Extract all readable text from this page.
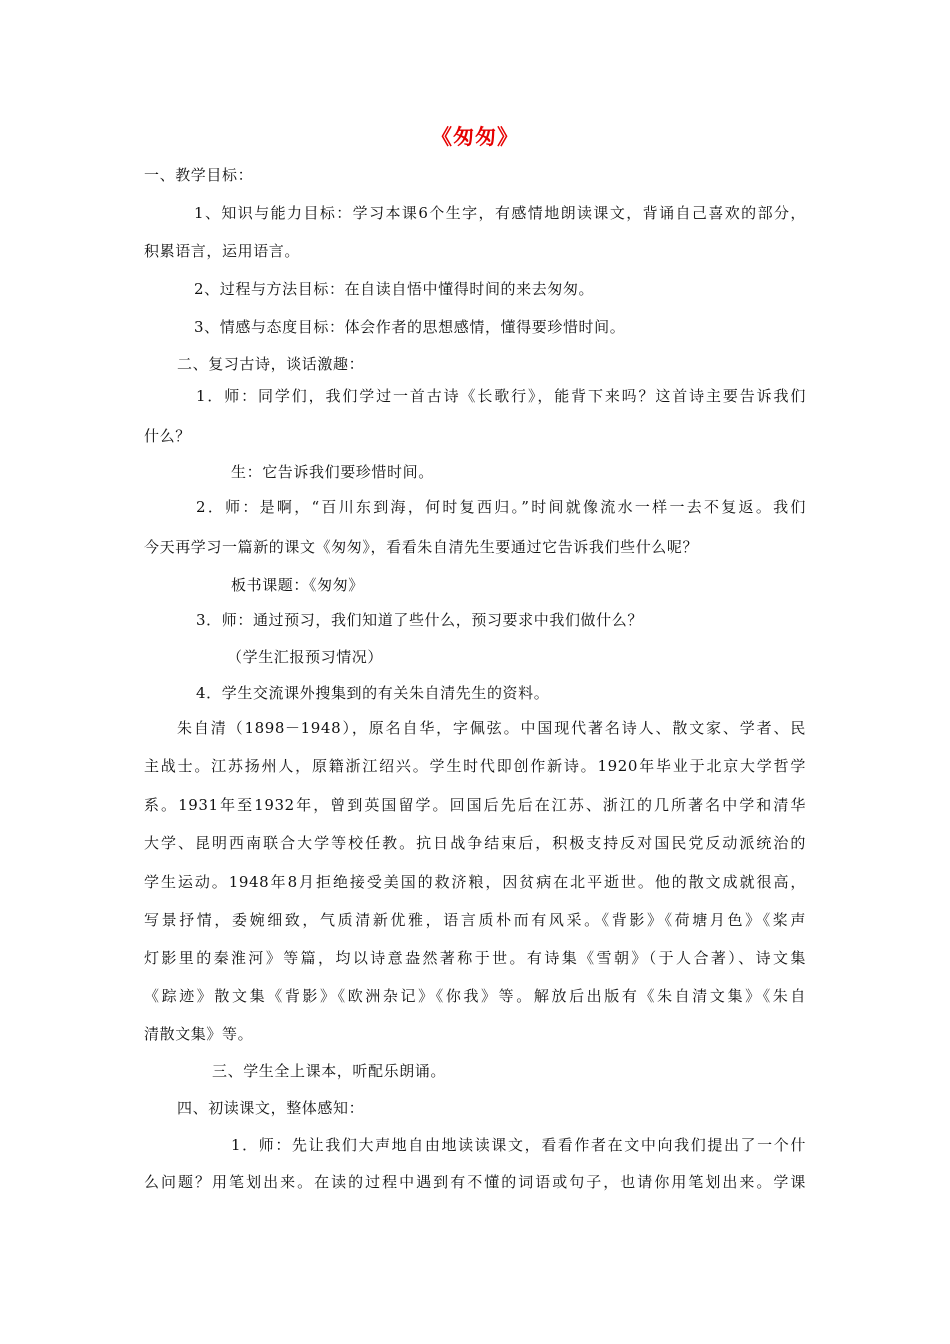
《匆匆》
一、教学目标：
1、知识与能力目标：学习本课6个生字，有感情地朗读课文，背诵自己喜欢的部分，
积累语言，运用语言。
2、过程与方法目标：在自读自悟中懂得时间的来去匆匆。
3、情感与态度目标：体会作者的思想感情，懂得要珍惜时间。
二、复习古诗，谈话激趣：
1．师：同学们，我们学过一首古诗《长歌行》，能背下来吗？这首诗主要告诉我们
什么？
生：它告诉我们要珍惜时间。
2．师：是啊，“百川东到海，何时复西归。”时间就像流水一样一去不复返。我们
今天再学习一篇新的课文《匆匆》，看看朱自清先生要通过它告诉我们些什么呢？
板书课题：《匆匆》
3．师：通过预习，我们知道了些什么，预习要求中我们做什么？
（学生汇报预习情况）
4．学生交流课外搜集到的有关朱自清先生的资料。
朱自清（1898－1948），原名自华，字佩弦。中国现代著名诗人、散文家、学者、民
主战士。江苏扬州人，原籍浙江绍兴。学生时代即创作新诗。1920年毕业于北京大学哲学
系。1931年至1932年，曾到英国留学。回国后先后在江苏、浙江的几所著名中学和清华
大学、昆明西南联合大学等校任教。抗日战争结束后，积极支持反对国民党反动派统治的
学生运动。1948年8月拒绝接受美国的救济粮，因贫病在北平逝世。他的散文成就很高，
写景抒情，委婉细致，气质清新优雅，语言质朴而有风采。《背影》《荷塘月色》《桨声
灯影里的秦淮河》等篇，均以诗意盎然著称于世。有诗集《雪朝》（于人合著）、诗文集
《踪迹》散文集《背影》《欧洲杂记》《你我》等。解放后出版有《朱自清文集》《朱自
清散文集》等。
三、学生全上课本，听配乐朗诵。
四、初读课文，整体感知：
1．师：先让我们大声地自由地读读课文，看看作者在文中向我们提出了一个什
么问题？用笔划出来。在读的过程中遇到有不懂的词语或句子，也请你用笔划出来。学课
